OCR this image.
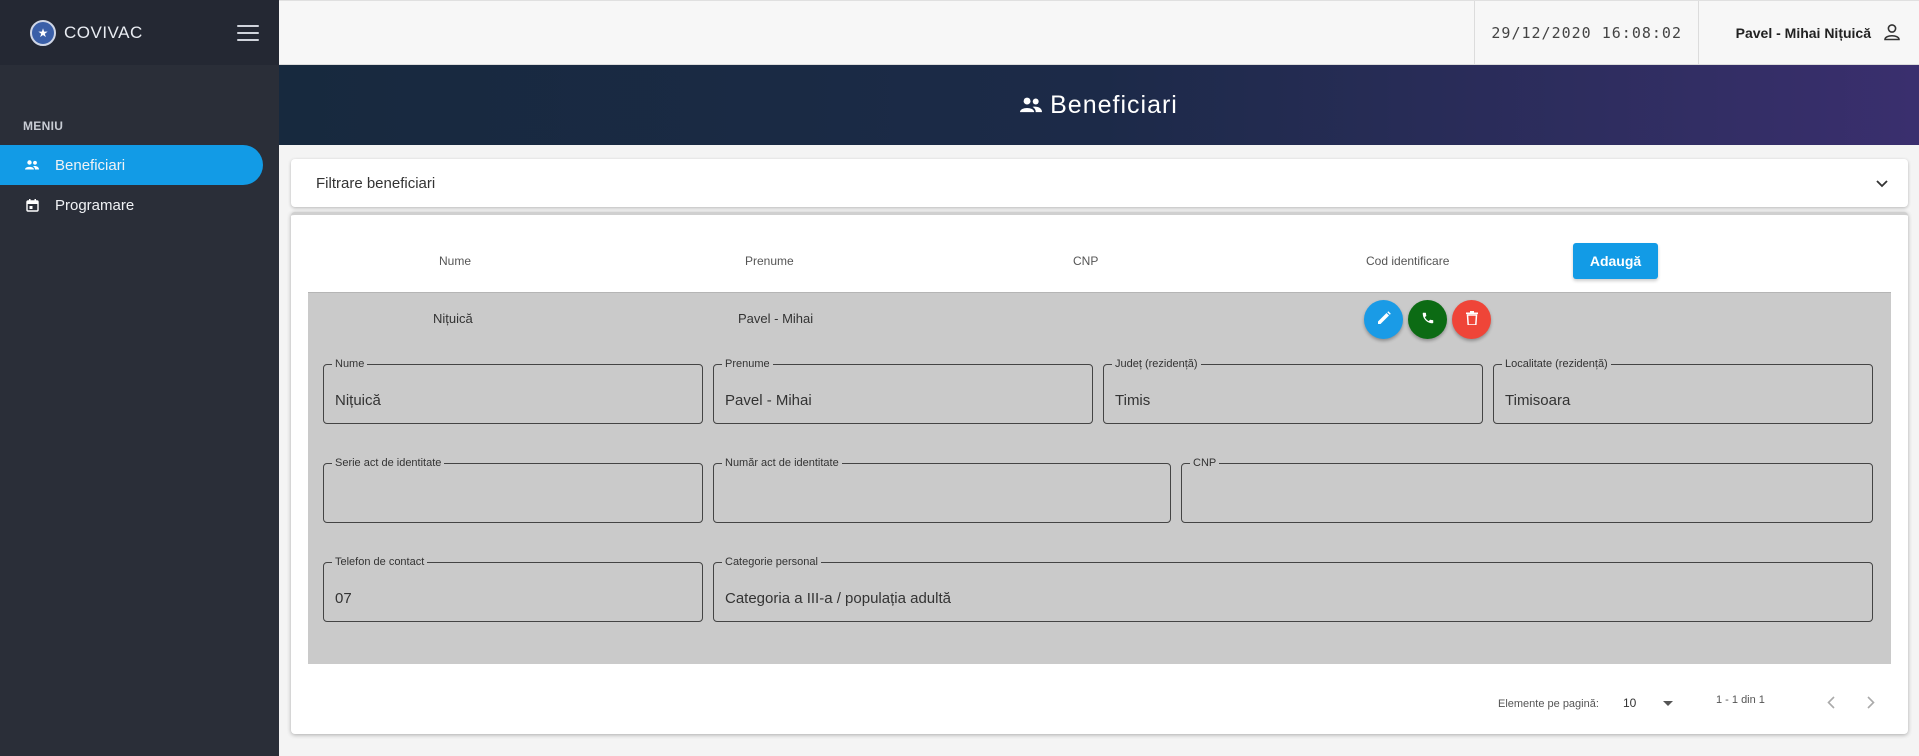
★ COVIVAC
MENIU
Beneficiari
Programare
29/12/2020 16:08:02	Pavel - Mihai Nițuică
Beneficiari
Filtrare beneficiari
Nume	Prenume	CNP	Cod identificare	Adaugă
Nițuică	Pavel - Mihai
Nume
Nițuică
Prenume
Pavel - Mihai
Județ (rezidență)
Timis
Localitate (rezidență)
Timisoara
Serie act de identitate	Număr act de identitate	CNP
Telefon de contact
07
Categorie personal
Categoria a III-a / populația adultă
Elemente pe pagină: 10	1 - 1 din 1
